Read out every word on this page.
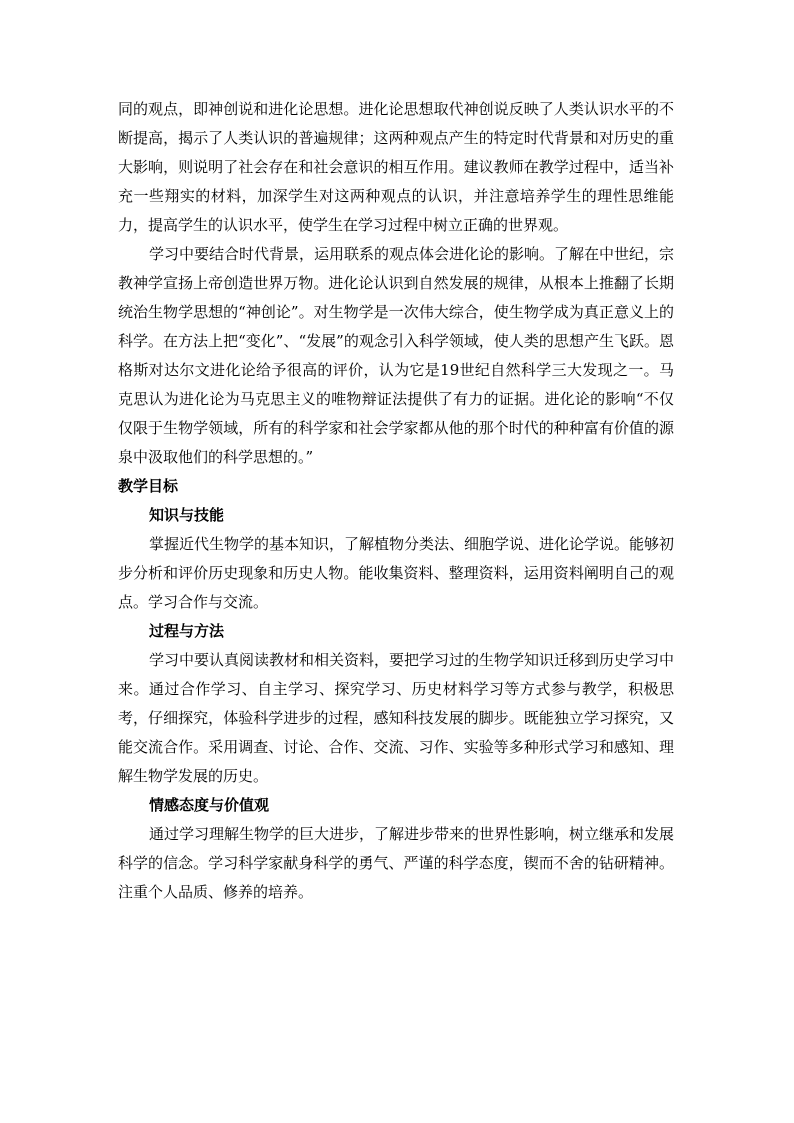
同的观点，即神创说和进化论思想。进化论思想取代神创说反映了人类认识水平的不断提高，揭示了人类认识的普遍规律；这两种观点产生的特定时代背景和对历史的重大影响，则说明了社会存在和社会意识的相互作用。建议教师在教学过程中，适当补充一些翔实的材料，加深学生对这两种观点的认识，并注意培养学生的理性思维能力，提高学生的认识水平，使学生在学习过程中树立正确的世界观。

学习中要结合时代背景，运用联系的观点体会进化论的影响。了解在中世纪，宗教神学宣扬上帝创造世界万物。进化论认识到自然发展的规律，从根本上推翻了长期统治生物学思想的“神创论”。对生物学是一次伟大综合，使生物学成为真正意义上的科学。在方法上把“变化”、“发展”的观念引入科学领域，使人类的思想产生飞跃。恩格斯对达尔文进化论给予很高的评价，认为它是19世纪自然科学三大发现之一。马克思认为进化论为马克思主义的唯物辩证法提供了有力的证据。进化论的影响“不仅仅限于生物学领域，所有的科学家和社会学家都从他的那个时代的种种富有价值的源泉中汲取他们的科学思想的。”

教学目标

知识与技能

掌握近代生物学的基本知识，了解植物分类法、细胞学说、进化论学说。能够初步分析和评价历史现象和历史人物。能收集资料、整理资料，运用资料阐明自己的观点。学习合作与交流。

过程与方法

学习中要认真阅读教材和相关资料，要把学习过的生物学知识迁移到历史学习中来。通过合作学习、自主学习、探究学习、历史材料学习等方式参与教学，积极思考，仔细探究，体验科学进步的过程，感知科技发展的脚步。既能独立学习探究，又能交流合作。采用调查、讨论、合作、交流、习作、实验等多种形式学习和感知、理解生物学发展的历史。

情感态度与价值观

通过学习理解生物学的巨大进步，了解进步带来的世界性影响，树立继承和发展科学的信念。学习科学家献身科学的勇气、严谨的科学态度，锲而不舍的钻研精神。注重个人品质、修养的培养。
